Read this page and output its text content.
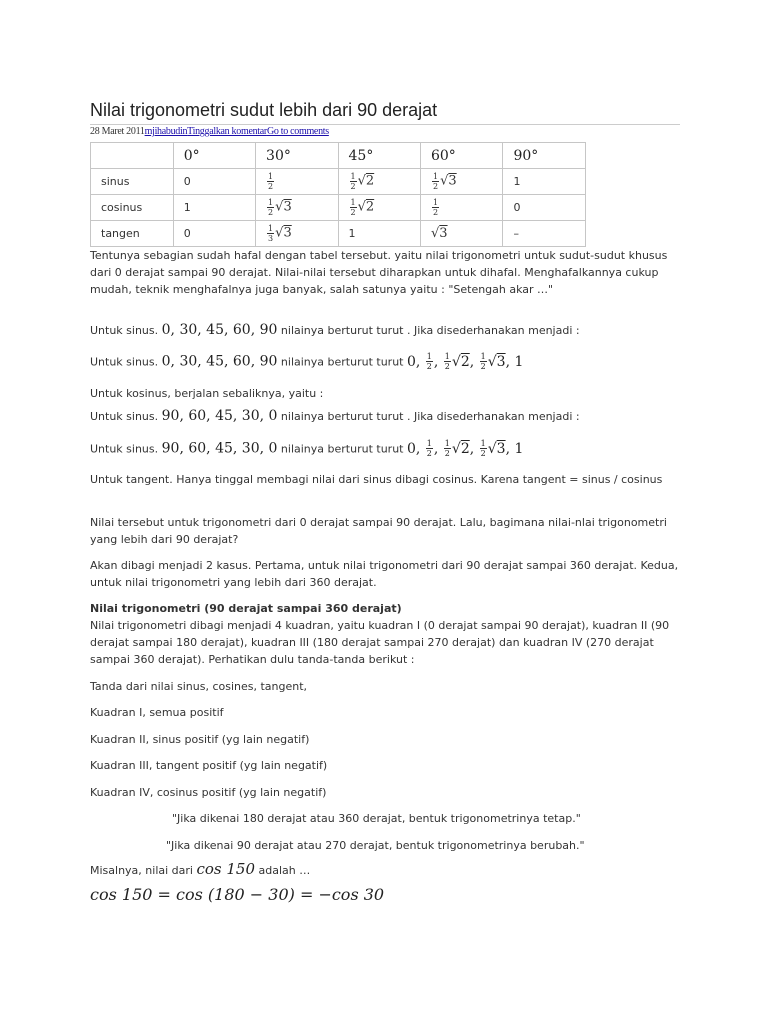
Nilai trigonometri sudut lebih dari 90 derajat
28 Maret 2011mjihabudinTinggalkan komentarGo to comments
	0°	30°	45°	60°	90°
sinus	0	$\frac{1}{2}$	$\frac{1}{2} √2$	$\frac{1}{2} √3$	1
cosinus	1	$\frac{1}{2} √3$	$\frac{1}{2} √2$	$\frac{1}{2}$	0
tangen	0	$\frac{1}{3} √3$	1	√3	–

Tentunya sebagian sudah hafal dengan tabel tersebut. yaitu nilai trigonometri untuk sudut-sudut khusus dari 0 derajat sampai 90 derajat. Nilai-nilai tersebut diharapkan untuk dihafal. Menghafalkannya cukup mudah, teknik menghafalnya juga banyak, salah satunya yaitu : "Setengah akar …"

Untuk sinus. 0, 30, 45, 60, 90 nilainya berturut turut . Jika disederhanakan menjadi :

Untuk sinus. 0, 30, 45, 60, 90 nilainya berturut turut 0, $\frac{1}{2}$ , $\frac{1}{2} √2$, $\frac{1}{2} √3$, 1

Untuk kosinus, berjalan sebaliknya, yaitu :

Untuk sinus. 90, 60, 45, 30, 0 nilainya berturut turut . Jika disederhanakan menjadi :

Untuk sinus. 90, 60, 45, 30, 0 nilainya berturut turut 0, $\frac{1}{2}$ , $\frac{1}{2} √2$, $\frac{1}{2} √3$, 1

Untuk tangent. Hanya tinggal membagi nilai dari sinus dibagi cosinus. Karena tangent = sinus / cosinus

Nilai tersebut untuk trigonometri dari 0 derajat sampai 90 derajat. Lalu, bagimana nilai-nlai trigonometri yang lebih dari 90 derajat?

Akan dibagi menjadi 2 kasus. Pertama, untuk nilai trigonometri dari 90 derajat sampai 360 derajat. Kedua, untuk nilai trigonometri yang lebih dari 360 derajat.

Nilai trigonometri (90 derajat sampai 360 derajat)

Nilai trigonometri dibagi menjadi 4 kuadran, yaitu kuadran I (0 derajat sampai 90 derajat), kuadran II (90 derajat sampai 180 derajat), kuadran III (180 derajat sampai 270 derajat) dan kuadran IV (270 derajat sampai 360 derajat). Perhatikan dulu tanda-tanda berikut :

Tanda dari nilai sinus, cosines, tangent,

Kuadran I, semua positif

Kuadran II, sinus positif (yg lain negatif)

Kuadran III, tangent positif (yg lain negatif)

Kuadran IV, cosinus positif (yg lain negatif)

"Jika dikenai 180 derajat atau 360 derajat, bentuk trigonometrinya tetap."

"Jika dikenai 90 derajat atau 270 derajat, bentuk trigonometrinya berubah."

Misalnya, nilai dari cos 150 adalah …

cos 150 = cos (180 − 30) = −cos 30
